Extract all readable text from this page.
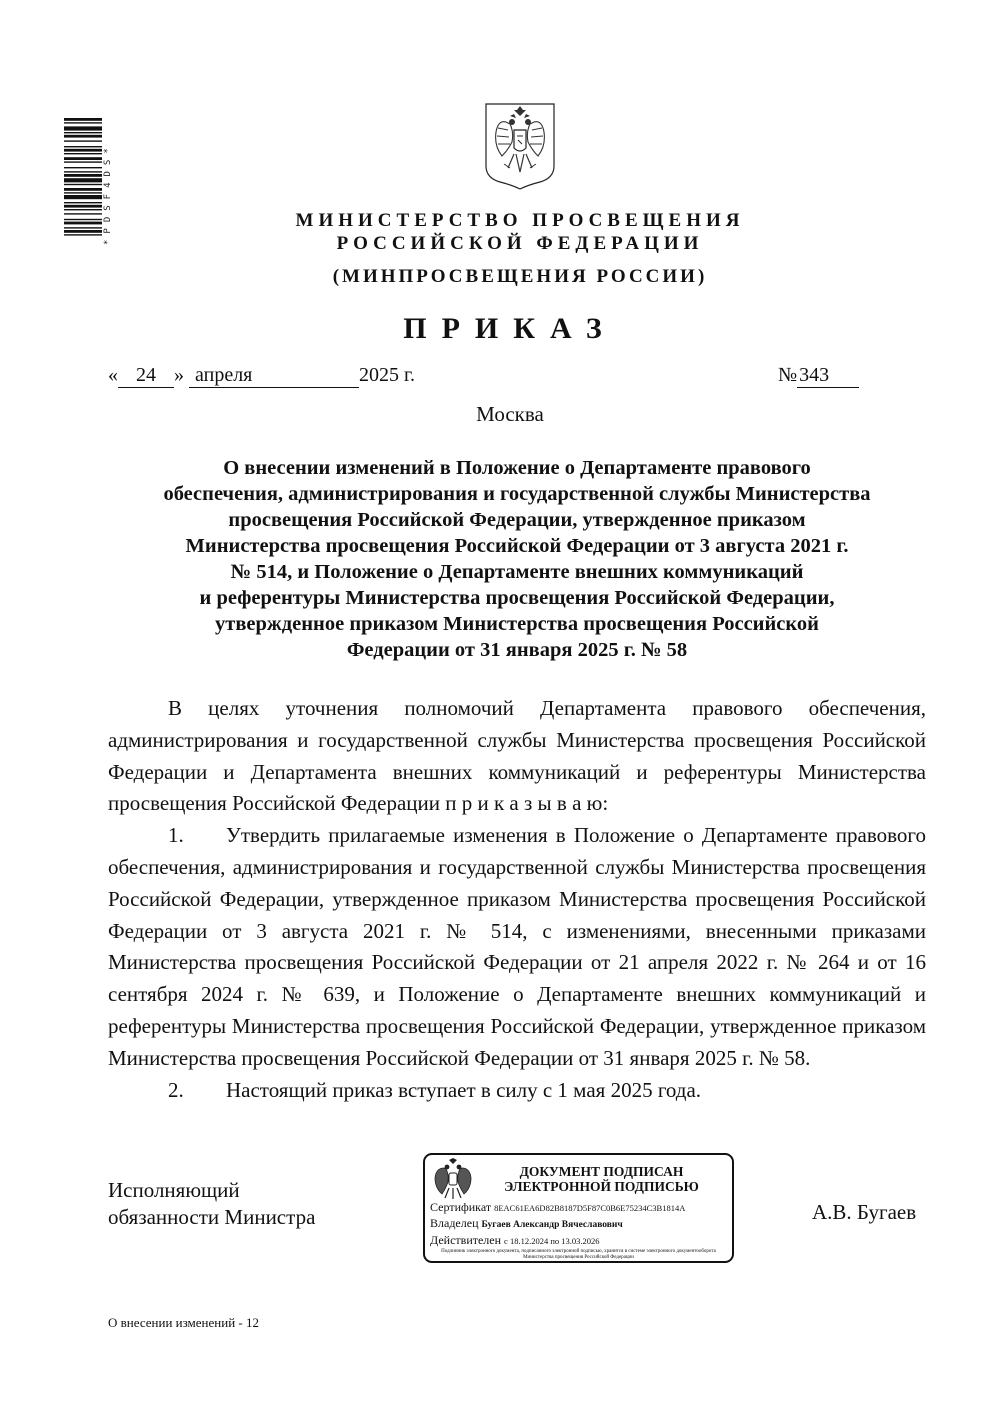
*PDSF4DS*	МИНИСТЕРСТВО ПРОСВЕЩЕНИЯ
РОССИЙСКОЙ ФЕДЕРАЦИИ
(МИНПРОСВЕЩЕНИЯ РОССИИ)
ПРИКАЗ
« 24 » апреля	2025 г.	№ 343
Москва
О внесении изменений в Положение о Департаменте правового
обеспечения, администрирования и государственной службы Министерства
просвещения Российской Федерации, утвержденное приказом
Министерства просвещения Российской Федерации от 3 августа 2021 г.
№ 514, и Положение о Департаменте внешних коммуникаций
и референтуры Министерства просвещения Российской Федерации,
утвержденное приказом Министерства просвещения Российской
Федерации от 31 января 2025 г. № 58

В целях уточнения полномочий Департамента правового обеспечения, администрирования и государственной службы Министерства просвещения Российской Федерации и Департамента внешних коммуникаций и референтуры Министерства просвещения Российской Федерации п р и к а з ы в а ю:

1. Утвердить прилагаемые изменения в Положение о Департаменте правового обеспечения, администрирования и государственной службы Министерства просвещения Российской Федерации, утвержденное приказом Министерства просвещения Российской Федерации от 3 августа 2021 г. № 514, с изменениями, внесенными приказами Министерства просвещения Российской Федерации от 21 апреля 2022 г. № 264 и от 16 сентября 2024 г. № 639, и Положение о Департаменте внешних коммуникаций и референтуры Министерства просвещения Российской Федерации, утвержденное приказом Министерства просвещения Российской Федерации от 31 января 2025 г. № 58.

2. Настоящий приказ вступает в силу с 1 мая 2025 года.

Исполняющий
обязанности Министра	А.В. Бугаев
ДОКУМЕНТ ПОДПИСАН
ЭЛЕКТРОННОЙ ПОДПИСЬЮ
Сертификат 8EAC61EA6D82B8187D5F87C0B6E75234C3B1814A
Владелец Бугаев Александр Вячеславович
Действителен с 18.12.2024 по 13.03.2026
Подлинник электронного документа, подписанного электронной подписью, хранится в системе электронного документооборота Министерства просвещения Российской Федерации
О внесении изменений - 12
